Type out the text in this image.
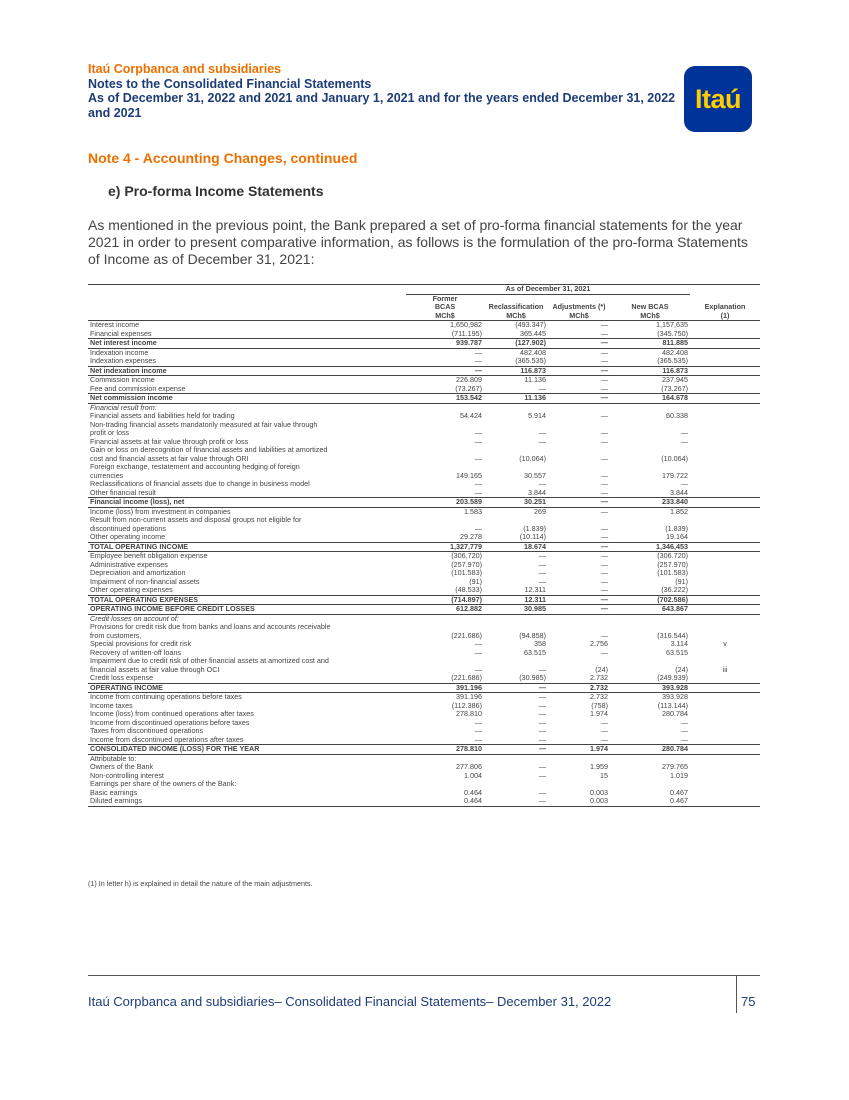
Itaú Corpbanca and subsidiaries
Notes to the Consolidated Financial Statements
As of December 31, 2022 and 2021 and January 1, 2021 and for the years ended December 31, 2022
and 2021	Itaú
Note 4 - Accounting Changes, continued
e) Pro-forma Income Statements
As mentioned in the previous point, the Bank prepared a set of pro-forma financial statements for the year 2021 in order to present comparative information, as follows is the formulation of the pro-forma Statements of Income as of December 31, 2021:
	As of December 31, 2021				
	Former				
	BCAS	Reclassification	Adjustments (*)	New BCAS	Explanation
	MCh$	MCh$	MCh$	MCh$	(1)
Interest income	1,650,982	(493.347)	—	1,157,635	
Financial expenses	(711.195)	365.445	—	(345.750)	
Net interest income	939.787	(127.902)	—	811.885	
Indexation income	—	482.408	—	482.408	
Indexation expenses	—	(365.535)	—	(365.535)	
Net indexation income	—	116.873	—	116.873	
Commission income	226.809	11.136	—	237.945	
Fee and commission expense	(73.267)	—	—	(73.267)	
Net commission income	153.542	11.136	—	164.678	
Financial result from:					
Financial assets and liabilities held for trading	54.424	5.914	—	60.338	
Non-trading financial assets mandatorily measured at fair value through					
profit or loss	—	—	—	—	
Financial assets at fair value through profit or loss	—	—	—	—	
Gain or loss on derecognition of financial assets and liabilities at amortized					
cost and financial assets at fair value through ORI	—	(10.064)	—	(10.064)	
Foreign exchange, restatement and accounting hedging of foreign					
currencies	149.165	30.557	—	179.722	
Reclassifications of financial assets due to change in business model	—	—	—	—	
Other financial result	—	3.844	—	3.844	
Financial income (loss), net	203.589	30.251	—	233.840	
Income (loss) from investment in companies	1.583	269	—	1.852	
Result from non-current assets and disposal groups not eligible for					
discontinued operations	—	(1.839)	—	(1.839)	
Other operating income	29.278	(10.114)	—	19.164	
TOTAL OPERATING INCOME	1,327,779	18.674	—	1,346,453	
Employee benefit obligation expense	(306,720)	—	—	(306.720)	
Administrative expenses	(257.970)	—	—	(257.970)	
Depreciation and amortization	(101.583)	—	—	(101.583)	
Impairment of non-financial assets	(91)	—	—	(91)	
Other operating expenses	(48.533)	12.311	—	(36.222)	
TOTAL OPERATING EXPENSES	(714.897)	12.311	—	(702.586)	
OPERATING INCOME BEFORE CREDIT LOSSES	612.882	30.985	—	643.867	
Credit losses on account of:					
Provisions for credit risk due from banks and loans and accounts receivable					
from customers,	(221.686)	(94.858)	—	(316.544)	
Special provisions for credit risk	—	358	2.756	3.114	v
Recovery of written-off loans	—	63.515	—	63.515	
Impairment due to credit risk of other financial assets at amortized cost and					
financial assets at fair value through OCI	—	—	(24)	(24)	iii
Credit loss expense	(221.686)	(30.985)	2.732	(249.939)	
OPERATING INCOME	391.196	—	2.732	393.928	
Income from continuing operations before taxes	391.196	—	2.732	393.928	
Income taxes	(112.386)	—	(758)	(113.144)	
Income (loss) from continued operations after taxes	278.810	—	1.974	280.784	
Income from discontinued operations before taxes	—	—	—	—	
Taxes from discontinued operations	—	—	—	—	
Income from discontinued operations after taxes	—	—	—	—	
CONSOLIDATED INCOME (LOSS) FOR THE YEAR	278.810	—	1.974	280.784	
Attributable to:					
Owners of the Bank	277.806	—	1.959	279.765	
Non-controlling interest	1.004	—	15	1.019	
Earnings per share of the owners of the Bank:					
Basic earnings	0.464	—	0.003	0.467	
Diluted earnings	0.464	—	0.003	0.467	
(1) In letter h) is explained in detail the nature of the main adjustments.
Itaú Corpbanca and subsidiaries– Consolidated Financial Statements– December 31, 2022	75
